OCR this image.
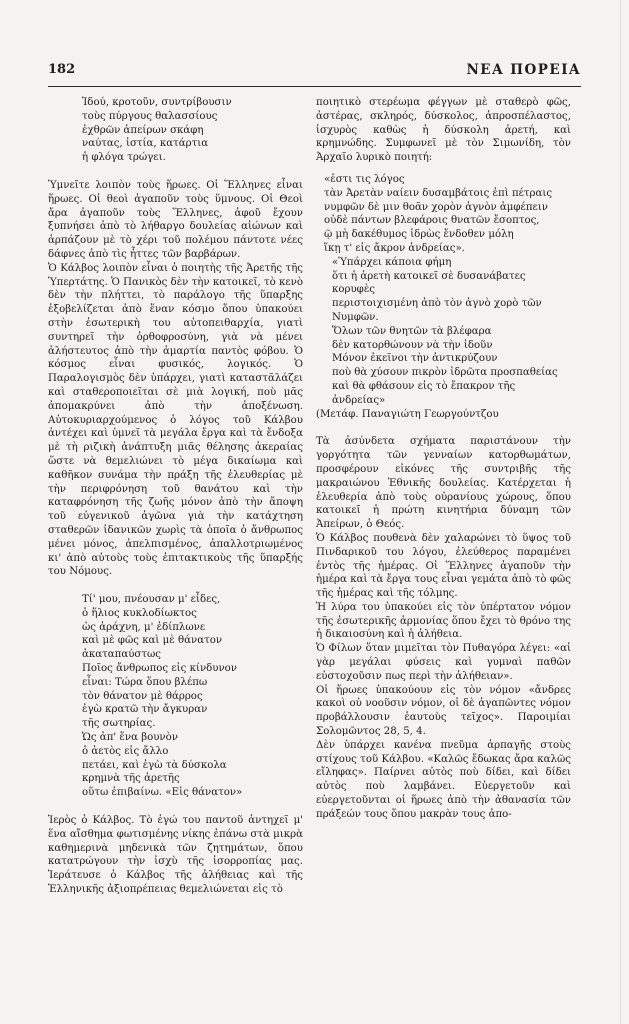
182	ΝΕΑ ΠΟΡΕΙΑ

Ἰδού, κροτοῦν, συντρίβουσιν
τοὺς πύργους θαλασσίους
ἐχθρῶν ἀπείρων σκάφη
ναύτας, ἱστία, κατάρτια
ἡ φλόγα τρώγει.

Ὑμνεῖτε λοιπὸν τοὺς ἥρωες. Οἱ Ἕλληνες εἶναι ἥρωες. Οἱ θεοὶ ἀγαποῦν τοὺς ὕμνους. Οἱ Θεοὶ ἄρα ἀγαποῦν τοὺς Ἕλληνες, ἀφοῦ ἔχουν ξυπνήσει ἀπὸ τὸ λήθαργο δουλείας αἰώνων καὶ ἁρπάζουν μὲ τὸ χέρι τοῦ πολέμου πάντοτε νέες δάφνες ἀπὸ τὶς ἧττες τῶν βαρβάρων.

Ὁ Κάλβος λοιπὸν εἶναι ὁ ποιητὴς τῆς Ἀρετῆς τῆς Ὑπερτάτης. Ὁ Πανικὸς δὲν τὴν κατοικεῖ, τὸ κενὸ δὲν τὴν πλήττει, τὸ παράλογο τῆς ὕπαρξης ἐξοβελίζεται ἀπὸ ἕναν κόσμο ὅπου ὑπακούει στὴν ἐσωτερικὴ του αὐτοπειθαρχία, γιατὶ συντηρεῖ τὴν ὀρθοφροσύνη, γιὰ νὰ μένει ἀλήστευτος ἀπὸ τὴν ἁμαρτία παντὸς φόβου. Ὁ κόσμος εἶναι φυσικός, λογικός. Ὁ Παραλογισμὸς δὲν ὑπάρχει, γιατὶ καταστᾶλάζει καὶ σταθεροποιεῖται σὲ μιὰ λογική, ποὺ μᾶς ἀπομακρύνει ἀπὸ τὴν ἀποξένωση. Αὐτοκυριαρχούμενος ὁ λόγος τοῦ Κάλβου ἀντέχει καὶ ὑμνεῖ τὰ μεγάλα ἔργα καὶ τὰ ἔνδοξα μὲ τὴ ριζικὴ ἀνάπτυξη μιᾶς θέλησης ἀκεραίας ὥστε νὰ θεμελιώνει τὸ μέγα δικαίωμα καὶ καθῆκον συνάμα τὴν πράξη τῆς ἐλευθερίας μὲ τὴν περιφρόνηση τοῦ θανάτου καὶ τὴν καταφρόνηση τῆς ζωῆς μόνον ἀπὸ τὴν ἄποψη τοῦ εὐγενικοῦ ἀγῶνα γιὰ τὴν κατάχτηση σταθερῶν ἰδανικῶν χωρὶς τὰ ὁποῖα ὁ ἄνθρωπος μένει μόνος, ἀπελπισμένος, ἀπαλλοτριωμένος κι' ἀπὸ αὐτοὺς τοὺς ἐπιτακτικοὺς τῆς ὕπαρξής του Νόμους.

Τί' μου, πνέουσαν μ' εἶδες,
ὁ ἥλιος κυκλοδίωκτος
ὡς ἀράχνη, μ' ἐδίπλωνε
καὶ μὲ φῶς καὶ μὲ θάνατον
ἀκαταπαύστως
Ποῖος ἄνθρωπος εἰς κίνδυνον
εἶναι: Τώρα ὅπου βλέπω
τὸν θάνατον μὲ θάρρος
ἐγὼ κρατῶ τὴν ἄγκυραν
τῆς σωτηρίας.
Ὡς ἀπ' ἕνα βουνὸν
ὁ ἀετὸς εἰς ἄλλο
πετάει, καὶ ἐγὼ τὰ δύσκολα
κρημνὰ τῆς ἀρετῆς
οὕτω ἐπιβαίνω. «Εἰς θάνατον»

Ἱερὸς ὁ Κάλβος. Τὸ ἐγώ του παντοῦ ἀντηχεῖ μ' ἕνα αἴσθημα φωτισμένης νίκης ἐπάνω στὰ μικρὰ καθημερινὰ μηδενικὰ τῶν ζητημάτων, ὅπου κατατρώγουν τὴν ἰσχὺ τῆς ἰσορροπίας μας. Ἱεράτευσε ὁ Κάλβος τῆς ἀλήθειας καὶ τῆς Ἑλληνικῆς ἀξιοπρέπειας θεμελιώνεται εἰς τὸ

ποιητικὸ στερέωμα φέγγων μὲ σταθερὸ φῶς, ἀστέρας, σκληρός, δύσκολος, ἀπροσπέλαστος, ἰσχυρὸς καθὼς ἡ δύσκολη ἀρετή, καὶ κρημνώδης. Συμφωνεῖ μὲ τὸν Σιμωνίδη, τὸν Ἀρχαῖο λυρικὸ ποιητή:

«ἐστι τις λόγος
τὰν Ἀρετὰν ναίειν δυσαμβάτοις ἐπὶ πέτραις
νυμφῶν δὲ μιν θοᾶν χορὸν ἁγνὸν ἀμφέπειν
οὐδὲ πάντων βλεφάροις θνατῶν ἔσοπτος,
ῷ μὴ δακέθυμος ἱδρὼς ἔνδοθεν μόλη
ἵκῃ τ' εἰς ἄκρον ἀνδρείας».

«Ὑπάρχει κάποια φήμη
ὅτι ἡ ἀρετὴ κατοικεῖ σὲ δυσανάβατες κορυφὲς
περιστοιχισμένη ἀπὸ τὸν ἁγνὸ χορὸ τῶν Νυμφῶν.
Ὅλων τῶν θνητῶν τὰ βλέφαρα
δὲν κατορθώνουν νὰ τὴν ἰδοῦν
Μόνον ἐκεῖνοι τὴν ἀντικρύζουν
ποὺ θὰ χύσουν πικρὸν ἱδρῶτα προσπαθείας
καὶ θὰ φθάσουν εἰς τὸ ἔπακρον τῆς ἀνδρείας»

(Μετάφ. Παναγιώτη Γεωργούντζου

Τὰ ἀσύνδετα σχήματα παριστάνουν τὴν γοργότητα τῶν γενναίων κατορθωμάτων, προσφέρουν εἰκόνες τῆς συντριβῆς τῆς μακραιώνου Ἐθνικῆς δουλείας. Κατέρχεται ἡ ἐλευθερία ἀπὸ τοὺς οὐρανίους χώρους, ὅπου κατοικεῖ ἡ πρώτη κινητήρια δύναμη τῶν Ἀπείρων, ὁ Θεός.

Ὁ Κάλβος πουθενὰ δὲν χαλαρώνει τὸ ὕψος τοῦ Πινδαρικοῦ του λόγου, ἐλεύθερος παραμένει ἐντὸς τῆς ἡμέρας. Οἱ Ἕλληνες ἀγαποῦν τὴν ἡμέρα καὶ τὰ ἔργα τους εἶναι γεμάτα ἀπὸ τὸ φῶς τῆς ἡμέρας καὶ τῆς τόλμης.

Ἡ λύρα του ὑπακούει εἰς τὸν ὑπέρτατον νόμον τῆς ἐσωτερικῆς ἁρμονίας ὅπου ἔχει τὸ θρόνο της ἡ δικαιοσύνη καὶ ἡ ἀλήθεια.

Ὁ Φίλων ὅταν μιμεῖται τὸν Πυθαγόρα λέγει: «αἱ γὰρ μεγάλαι φύσεις καὶ γυμναὶ παθῶν εὐστοχοῦσιν πως περὶ τὴν ἀλήθειαν».

Οἱ ἥρωες ὑπακούουν εἰς τὸν νόμον «ἄνδρες κακοὶ οὐ νοοῦσιν νόμον, οἱ δὲ ἀγαπῶντες νόμον προβάλλουσιν ἑαυτοὺς τεῖχος». Παροιμίαι Σολομῶντος 28, 5, 4.

Δὲν ὑπάρχει κανένα πνεῦμα ἁρπαγῆς στοὺς στίχους τοῦ Κάλβου. «Καλῶς ἔδωκας ἄρα καλῶς εἴληφας». Παίρνει αὐτὸς ποὺ δίδει, καὶ δίδει αὐτὸς ποὺ λαμβάνει. Εὐεργετοῦν καὶ εὐεργετοῦνται οἱ ἥρωες ἀπὸ τὴν ἀθανασία τῶν πράξεών τους ὅπου μακρὰν τους ἀπο-
